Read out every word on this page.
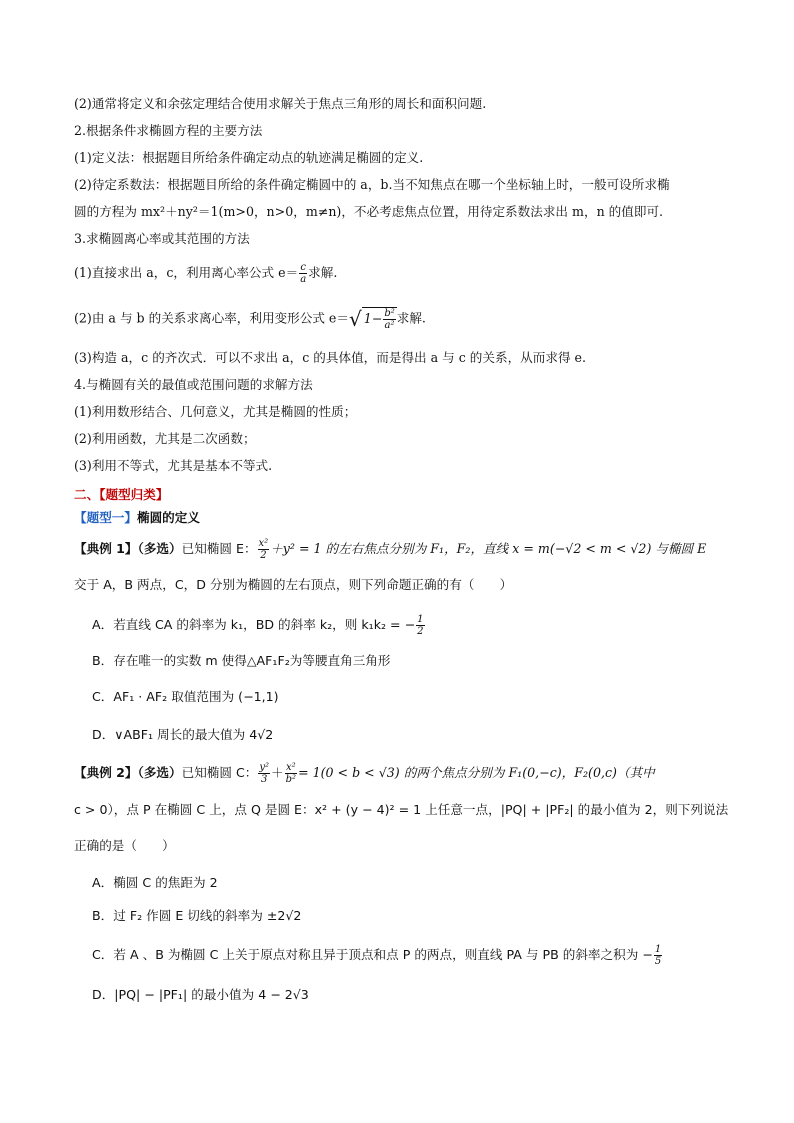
(2)通常将定义和余弦定理结合使用求解关于焦点三角形的周长和面积问题.
2.根据条件求椭圆方程的主要方法
(1)定义法：根据题目所给条件确定动点的轨迹满足椭圆的定义.
(2)待定系数法：根据题目所给的条件确定椭圆中的 a，b.当不知焦点在哪一个坐标轴上时，一般可设所求椭
圆的方程为 mx²＋ny²＝1(m>0，n>0，m≠n)，不必考虑焦点位置，用待定系数法求出 m，n 的值即可.
3.求椭圆离心率或其范围的方法
(1)直接求出 a，c，利用离心率公式 $e= \frac{c}{a}$ 求解.
(2)由 a 与 b 的关系求离心率，利用变形公式 e＝√ $1- \frac{\text{b²}}{\text{a²}}$ 求解.
(3)构造 a，c 的齐次式．可以不求出 a，c 的具体值，而是得出 a 与 c 的关系，从而求得 e.
4.与椭圆有关的最值或范围问题的求解方法
(1)利用数形结合、几何意义，尤其是椭圆的性质；
(2)利用函数，尤其是二次函数；
(3)利用不等式，尤其是基本不等式.
二、【题型归类】
【题型一】椭圆的定义
【典例 1】（多选）已知椭圆 E： $\frac{\text{x²}}{2} +y^2 = 1$ 的左右焦点分别为 F₁，F₂，直线 x = m(−√2 < m < √2) 与椭圆 E
交于 A，B 两点，C，D 分别为椭圆的左右顶点，则下列命题正确的有（　　）
A．若直线 CA 的斜率为 k₁，BD 的斜率 k₂，则 k₁k₂ = − $\frac{1}{2}$
B．存在唯一的实数 m 使得△AF₁F₂为等腰直角三角形
C．AF₁ · AF₂ 取值范围为 (−1,1)
D．∨ABF₁ 周长的最大值为 4√2
【典例 2】（多选）已知椭圆 C： $\frac{\text{y²}}{3} + \frac{\text{x²}}{\text{b²}} = 1(0 < b < √3)$ 的两个焦点分别为 F₁(0,−c)，F₂(0,c)（其中
c > 0），点 P 在椭圆 C 上，点 Q 是圆 E：x² + (y − 4)² = 1 上任意一点，|PQ| + |PF₂| 的最小值为 2，则下列说法
正确的是（　　）
A．椭圆 C 的焦距为 2
B．过 F₂ 作圆 E 切线的斜率为 ±2√2
C．若 A 、B 为椭圆 C 上关于原点对称且异于顶点和点 P 的两点，则直线 PA 与 PB 的斜率之积为 − $\frac{1}{5}$
D．|PQ| − |PF₁| 的最小值为 4 − 2√3
